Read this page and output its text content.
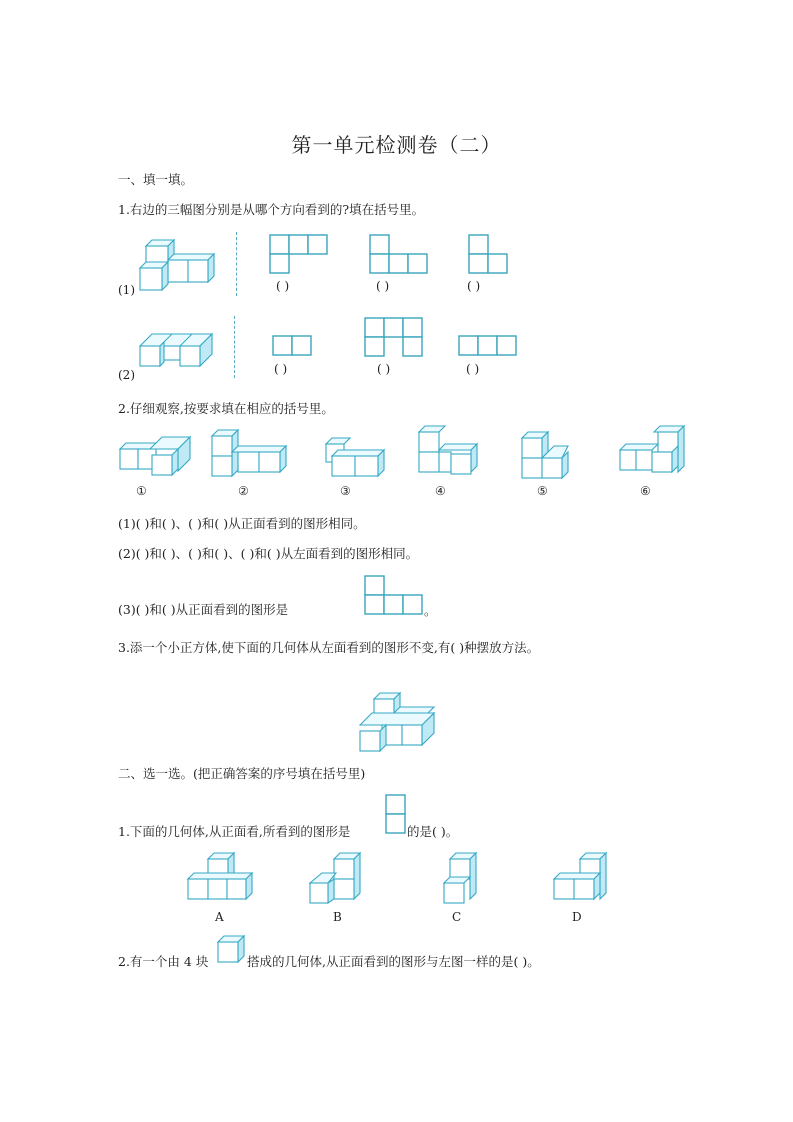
第一单元检测卷（二）
一、填一填。
1.右边的三幅图分别是从哪个方向看到的?填在括号里。
(1)	( )	( )	( )
(2)	( )	( )	( )
2.仔细观察,按要求填在相应的括号里。
①	②	③	④	⑤	⑥
(1)( )和( )、( )和( )从正面看到的图形相同。
(2)( )和( )、( )和( )、( )和( )从左面看到的图形相同。
(3)( )和( )从正面看到的图形是	。
3.添一个小正方体,使下面的几何体从左面看到的图形不变,有( )种摆放方法。
二、选一选。(把正确答案的序号填在括号里)
1.下面的几何体,从正面看,所看到的图形是	的是( )。
A	B	C	D
2.有一个由 4 块	搭成的几何体,从正面看到的图形与左图一样的是( )。
